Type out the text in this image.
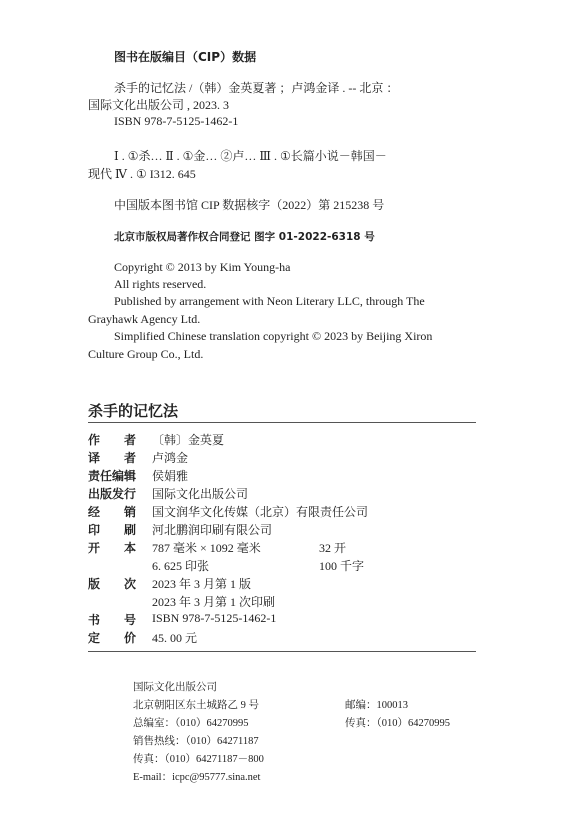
图书在版编目（CIP）数据
杀手的记忆法 /（韩）金英夏著 ；卢鸿金译 . -- 北京 ：
国际文化出版公司 , 2023. 3
ISBN 978-7-5125-1462-1
Ⅰ . ①杀… Ⅱ . ①金… ②卢… Ⅲ . ①长篇小说－韩国－
现代 Ⅳ . ① I312. 645
中国版本图书馆 CIP 数据核字（2022）第 215238 号
北京市版权局著作权合同登记 图字 01-2022-6318 号
Copyright © 2013 by Kim Young-ha
All rights reserved.
Published by arrangement with Neon Literary LLC, through The
Grayhawk Agency Ltd.
Simplified Chinese translation copyright © 2023 by Beijing Xiron
Culture Group Co., Ltd.
杀手的记忆法
作　　者 〔韩〕金英夏
译　　者 卢鸿金
责任编辑 侯娟雅
出版发行 国际文化出版公司
经　　销 国文润华文化传媒（北京）有限责任公司
印　　刷 河北鹏润印刷有限公司
开　　本 787 毫米 × 1092 毫米	32 开
6. 625 印张	100 千字
版　　次 2023 年 3 月第 1 版
2023 年 3 月第 1 次印刷
书　　号 ISBN 978-7-5125-1462-1
定　　价 45. 00 元
国际文化出版公司
北京朝阳区东土城路乙 9 号	邮编：100013
总编室：（010）64270995	传真：（010）64270995
销售热线：（010）64271187
传真：（010）64271187－800
E-mail：icpc@95777.sina.net
